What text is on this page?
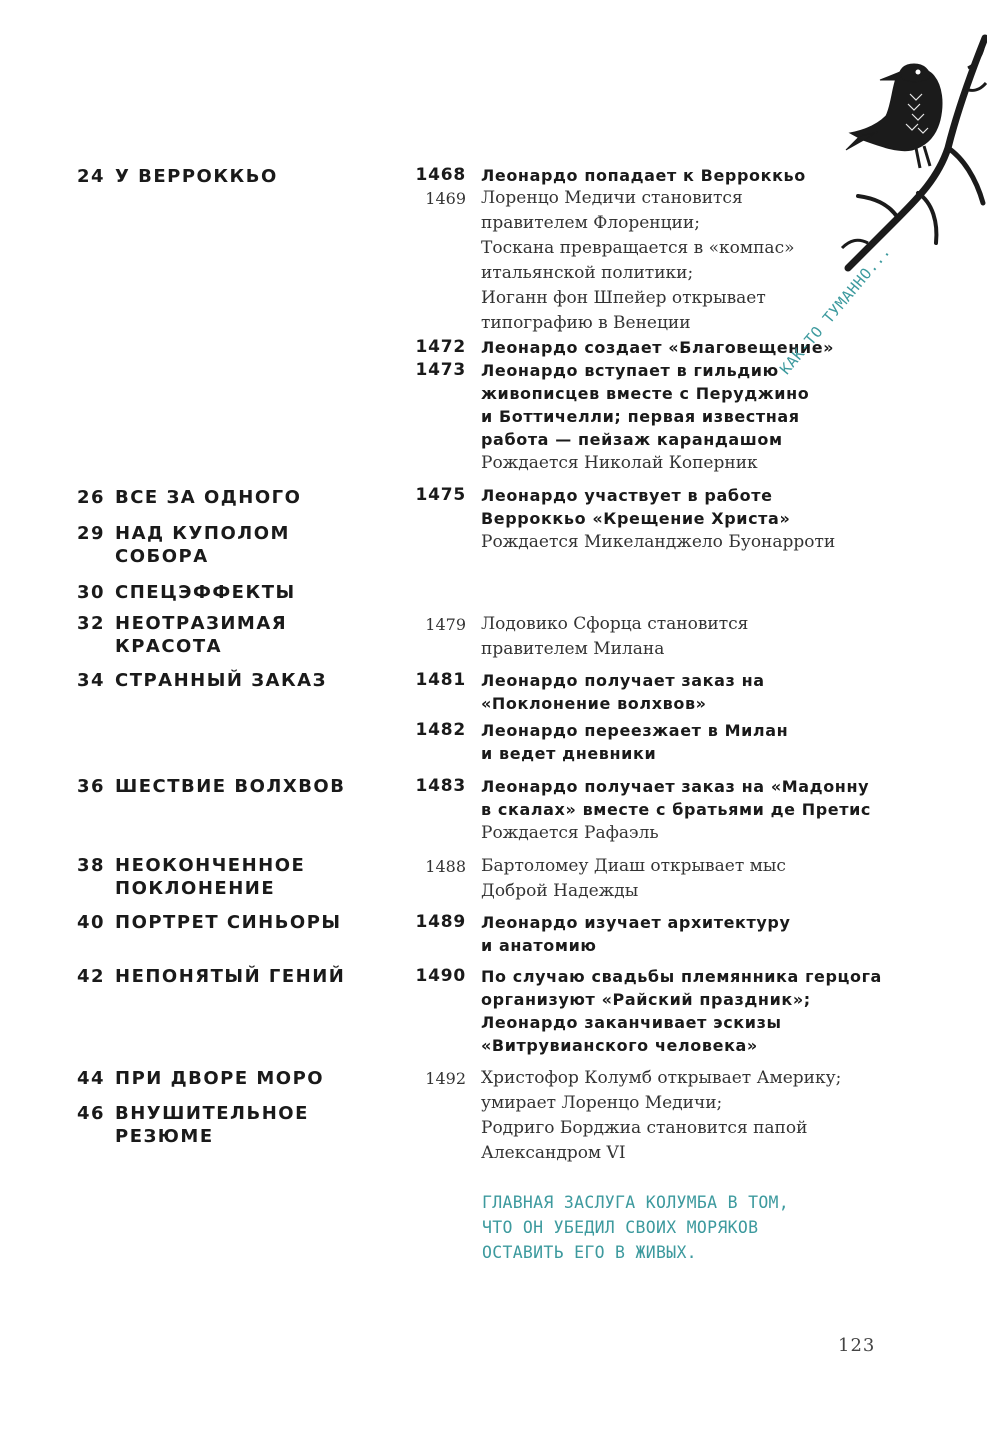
24 У ВЕРРОККЬО
26 ВСЕ ЗА ОДНОГО
29 НАД КУПОЛОМ
СОБОРА
30 СПЕЦЭФФЕКТЫ
32 НЕОТРАЗИМАЯ
КРАСОТА
34 СТРАННЫЙ ЗАКАЗ
36 ШЕСТВИЕ ВОЛХВОВ
38 НЕОКОНЧЕННОЕ
ПОКЛОНЕНИЕ
40 ПОРТРЕТ СИНЬОРЫ
42 НЕПОНЯТЫЙ ГЕНИЙ
44 ПРИ ДВОРЕ МОРО
46 ВНУШИТЕЛЬНОЕ
РЕЗЮМЕ
1468 Леонардо попадает к Верроккьо
1469 Лоренцо Медичи становится
правителем Флоренции;
Тоскана превращается в «компас»
итальянской политики;
Иоганн фон Шпейер открывает
типографию в Венеции
1472 Леонардо создает «Благовещение»
1473 Леонардо вступает в гильдию
живописцев вместе с Перуджино
и Боттичелли; первая известная
работа — пейзаж карандашом
Рождается Николай Коперник
1475 Леонардо участвует в работе
Верроккьо «Крещение Христа»
Рождается Микеланджело Буонарроти
1479 Лодовико Сфорца становится
правителем Милана
1481 Леонардо получает заказ на
«Поклонение волхвов»
1482 Леонардо переезжает в Милан
и ведет дневники
1483 Леонардо получает заказ на «Мадонну
в скалах» вместе с братьями де Претис
Рождается Рафаэль
1488 Бартоломеу Диаш открывает мыс
Доброй Надежды
1489 Леонардо изучает архитектуру
и анатомию
1490 По случаю свадьбы племянника герцога
организуют «Райский праздник»;
Леонардо заканчивает эскизы
«Витрувианского человека»
1492 Христофор Колумб открывает Америку;
умирает Лоренцо Медичи;
Родриго Борджиа становится папой
Александром VI
КАК-ТО ТУМАННО...
ГЛАВНАЯ ЗАСЛУГА КОЛУМБА В ТОМ,
ЧТО ОН УБЕДИЛ СВОИХ МОРЯКОВ
ОСТАВИТЬ ЕГО В ЖИВЫХ.
123
